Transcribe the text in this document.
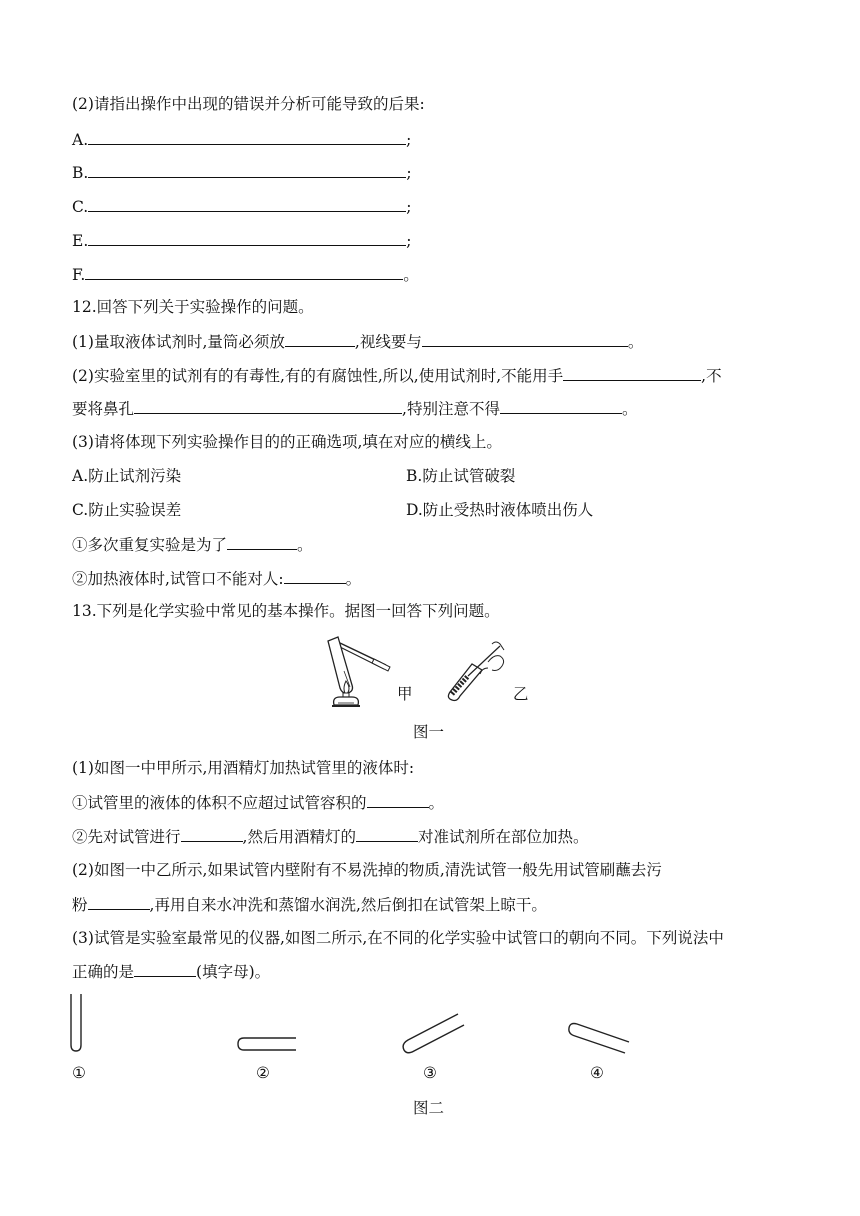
(2)请指出操作中出现的错误并分析可能导致的后果:
A.	;
B.	;
C.	;
E.	;
F.	。
12.回答下列关于实验操作的问题。
(1)量取液体试剂时,量筒必须放	,视线要与	。
(2)实验室里的试剂有的有毒性,有的有腐蚀性,所以,使用试剂时,不能用手	,不
要将鼻孔	,特别注意不得	。
(3)请将体现下列实验操作目的的正确选项,填在对应的横线上。
A.防止试剂污染	B.防止试管破裂
C.防止实验误差	D.防止受热时液体喷出伤人
①多次重复实验是为了	。
②加热液体时,试管口不能对人:	。
13.下列是化学实验中常见的基本操作。据图一回答下列问题。
甲	乙
图一
(1)如图一中甲所示,用酒精灯加热试管里的液体时:
①试管里的液体的体积不应超过试管容积的	。
②先对试管进行	,然后用酒精灯的	对准试剂所在部位加热。
(2)如图一中乙所示,如果试管内壁附有不易洗掉的物质,清洗试管一般先用试管刷蘸去污
粉	,再用自来水冲洗和蒸馏水润洗,然后倒扣在试管架上晾干。
(3)试管是实验室最常见的仪器,如图二所示,在不同的化学实验中试管口的朝向不同。下列说法中
正确的是	(填字母)。
①	②	③	④
图二
